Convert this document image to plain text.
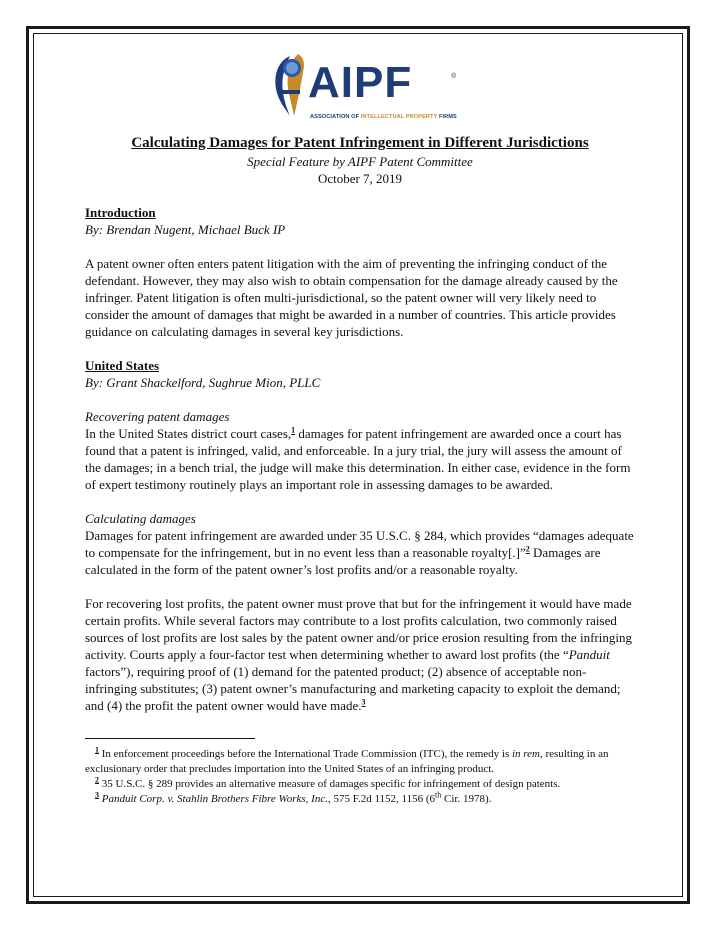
AIPF	®
ASSOCIATION OF INTELLECTUAL PROPERTY FIRMS
Calculating Damages for Patent Infringement in Different Jurisdictions
Special Feature by AIPF Patent Committee
October 7, 2019
Introduction
By: Brendan Nugent, Michael Buck IP

A patent owner often enters patent litigation with the aim of preventing the infringing conduct of the defendant. However, they may also wish to obtain compensation for the damage already caused by the infringer. Patent litigation is often multi-jurisdictional, so the patent owner will very likely need to consider the amount of damages that might be awarded in a number of countries. This article provides guidance on calculating damages in several key jurisdictions.

United States
By: Grant Shackelford, Sughrue Mion, PLLC
Recovering patent damages

In the United States district court cases,$^1$ damages for patent infringement are awarded once a court has found that a patent is infringed, valid, and enforceable. In a jury trial, the jury will assess the amount of the damages; in a bench trial, the judge will make this determination. In either case, evidence in the form of expert testimony routinely plays an important role in assessing damages to be awarded.

Calculating damages

Damages for patent infringement are awarded under 35 U.S.C. § 284, which provides “damages adequate to compensate for the infringement, but in no event less than a reasonable royalty[.]”$^2$ Damages are calculated in the form of the patent owner’s lost profits and/or a reasonable royalty.

For recovering lost profits, the patent owner must prove that but for the infringement it would have made certain profits. While several factors may contribute to a lost profits calculation, two commonly raised sources of lost profits are lost sales by the patent owner and/or price erosion resulting from the infringing activity. Courts apply a four-factor test when determining whether to award lost profits (the “Panduit factors”), requiring proof of (1) demand for the patented product; (2) absence of acceptable non-infringing substitutes; (3) patent owner’s manufacturing and marketing capacity to exploit the demand; and (4) the profit the patent owner would have made.$^3$

$^1$ In enforcement proceedings before the International Trade Commission (ITC), the remedy is in rem, resulting in an exclusionary order that precludes importation into the United States of an infringing product.
$^2$ 35 U.S.C. § 289 provides an alternative measure of damages specific for infringement of design patents.
$^3$ Panduit Corp. v. Stahlin Brothers Fibre Works, Inc., 575 F.2d 1152, 1156 (6th Cir. 1978).
